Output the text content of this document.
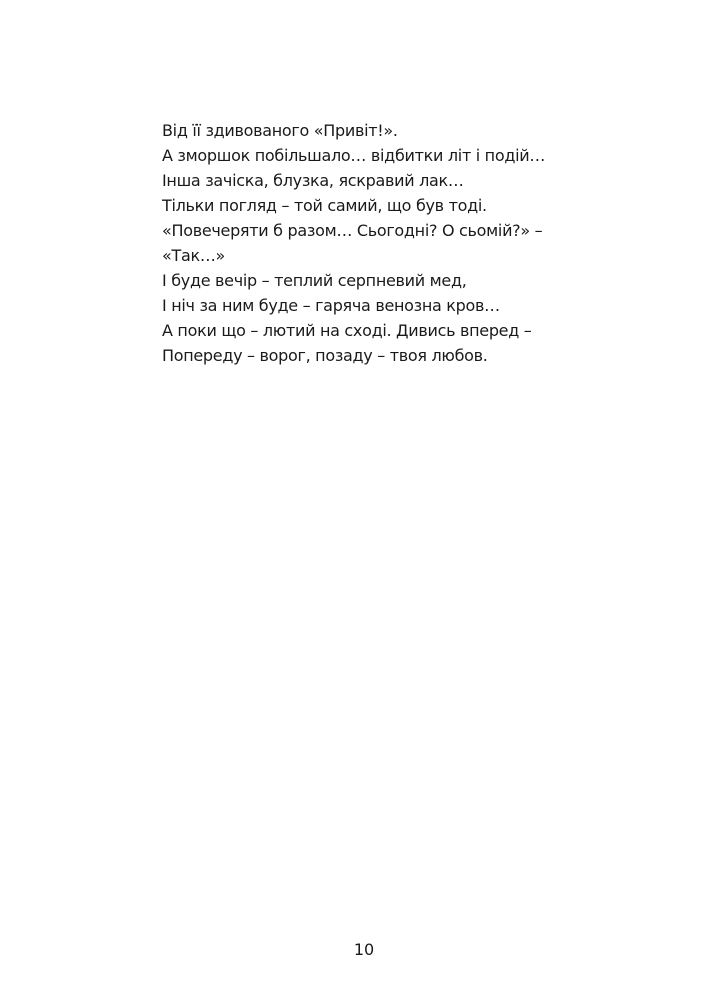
Від її здивованого «Привіт!».
А зморшок побільшало… відбитки літ і подій…
Інша зачіска, блузка, яскравий лак…
Тільки погляд – той самий, що був тоді.
«Повечеряти б разом… Сьогодні? О сьомій?» –
«Так…»
І буде вечір – теплий серпневий мед,
І ніч за ним буде – гаряча венозна кров…
А поки що – лютий на сході. Дивись вперед –
Попереду – ворог, позаду – твоя любов.
10
